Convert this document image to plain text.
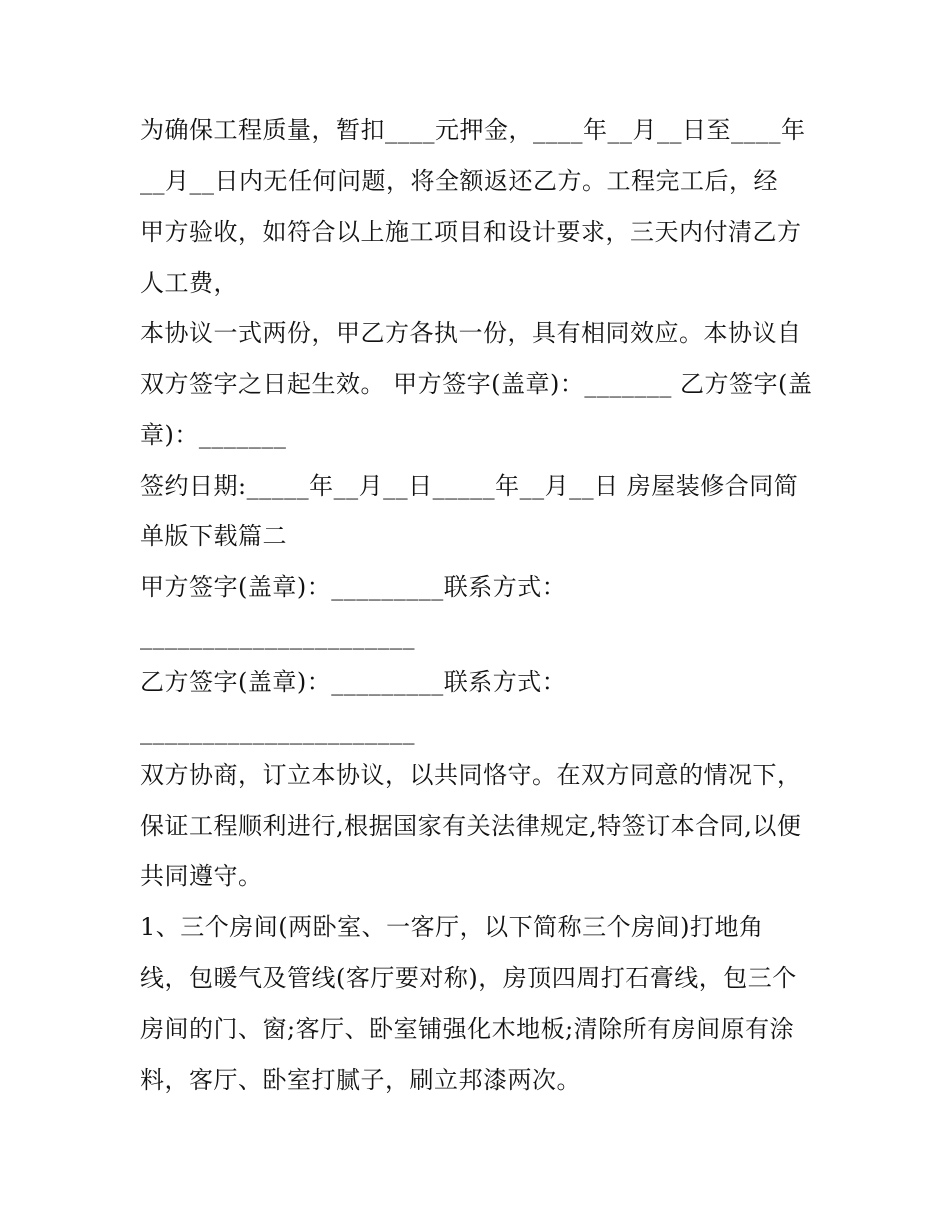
为确保工程质量，暂扣____元押金，____年__月__日至____年
__月__日内无任何问题，将全额返还乙方。工程完工后，经
甲方验收，如符合以上施工项目和设计要求，三天内付清乙方
人工费，
本协议一式两份，甲乙方各执一份，具有相同效应。本协议自
双方签字之日起生效。 甲方签字(盖章)：_______ 乙方签字(盖
章)：_______
签约日期:_____年__月__日_____年__月__日 房屋装修合同简
单版下载篇二
甲方签字(盖章)：_________联系方式：
______________________
乙方签字(盖章)：_________联系方式：
______________________
双方协商，订立本协议，以共同恪守。在双方同意的情况下，
保证工程顺利进行,根据国家有关法律规定,特签订本合同,以便
共同遵守。
1、三个房间(两卧室、一客厅，以下简称三个房间)打地角
线，包暖气及管线(客厅要对称)，房顶四周打石膏线，包三个
房间的门、窗;客厅、卧室铺强化木地板;清除所有房间原有涂
料，客厅、卧室打腻子，刷立邦漆两次。
